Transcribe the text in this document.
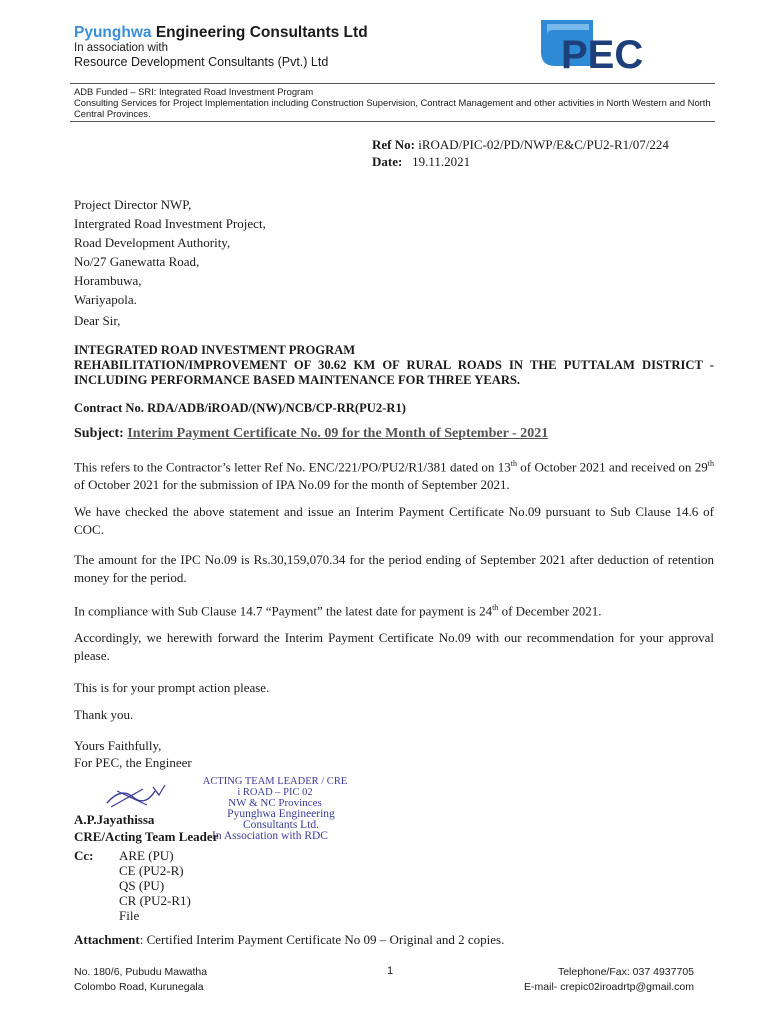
Pyunghwa Engineering Consultants Ltd
In association with
Resource Development Consultants (Pvt.) Ltd	PEC
ADB Funded – SRI: Integrated Road Investment Program
Consulting Services for Project Implementation including Construction Supervision, Contract Management and other activities in North Western and North Central Provinces.
Ref No: iROAD/PIC-02/PD/NWP/E&C/PU2-R1/07/224
Date: 19.11.2021
Project Director NWP,
Intergrated Road Investment Project,
Road Development Authority,
No/27 Ganewatta Road,
Horambuwa,
Wariyapola.
Dear Sir,
INTEGRATED ROAD INVESTMENT PROGRAM
REHABILITATION/IMPROVEMENT OF 30.62 KM OF RURAL ROADS IN THE PUTTALAM DISTRICT - INCLUDING PERFORMANCE BASED MAINTENANCE FOR THREE YEARS.
Contract No. RDA/ADB/iROAD/(NW)/NCB/CP-RR(PU2-R1)
Subject: Interim Payment Certificate No. 09 for the Month of September - 2021
This refers to the Contractor’s letter Ref No. ENC/221/PO/PU2/R1/381 dated on 13th of October 2021 and received on 29th of October 2021 for the submission of IPA No.09 for the month of September 2021.
We have checked the above statement and issue an Interim Payment Certificate No.09 pursuant to Sub Clause 14.6 of COC.
The amount for the IPC No.09 is Rs.30,159,070.34 for the period ending of September 2021 after deduction of retention money for the period.
In compliance with Sub Clause 14.7 “Payment” the latest date for payment is 24th of December 2021.
Accordingly, we herewith forward the Interim Payment Certificate No.09 with our recommendation for your approval please.
This is for your prompt action please.
Thank you.
Yours Faithfully,
For PEC, the Engineer
ACTING TEAM LEADER / CRE
i ROAD – PIC 02
NW & NC Provinces
Pyunghwa Engineering Consultants Ltd.
In Association with RDC
A.P.Jayathissa
CRE/Acting Team Leader
Cc: ARE (PU)
CE (PU2-R)
QS (PU)
CR (PU2-R1)
File
Attachment: Certified Interim Payment Certificate No 09 – Original and 2 copies.
No. 180/6, Pubudu Mawatha
Colombo Road, Kurunegala
1	Telephone/Fax: 037 4937705
E-mail- crepic02iroadrtp@gmail.com
